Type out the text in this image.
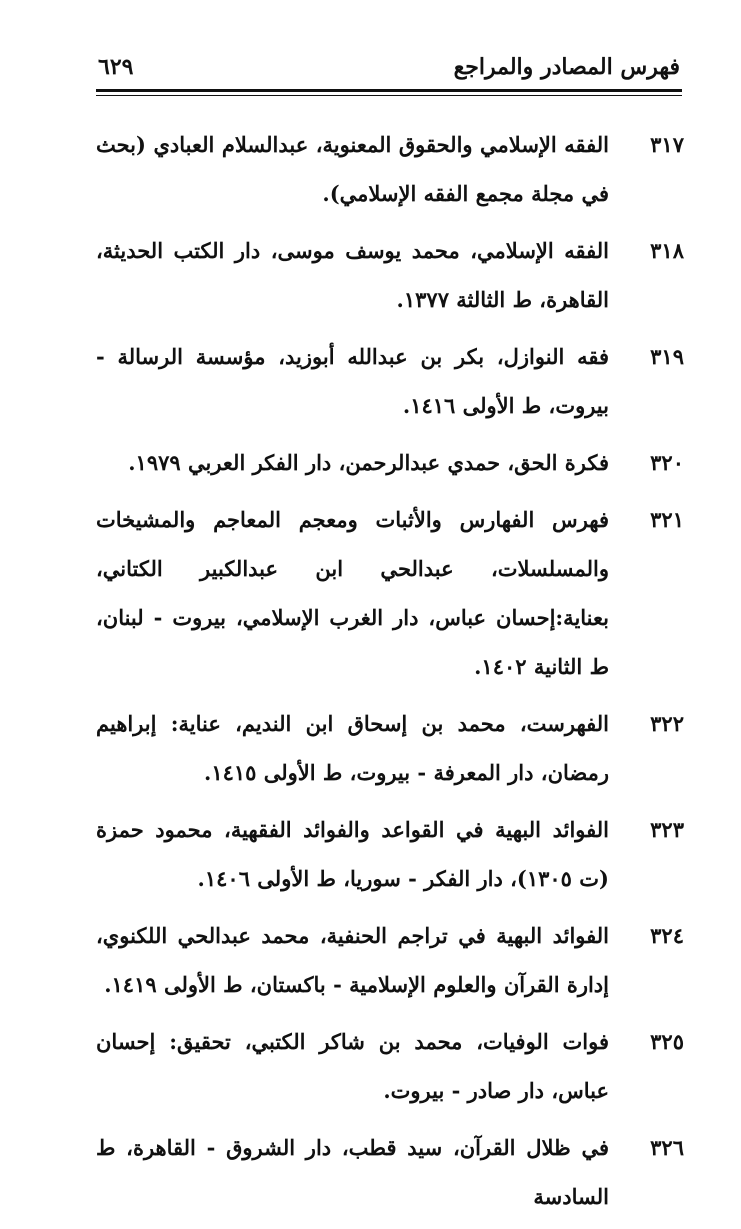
فهرس المصادر والمراجع
٦٢٩
٣١٧
الفقه الإسلامي والحقوق المعنوية، عبدالسلام العبادي (بحث في مجلة مجمع الفقه الإسلامي).
٣١٨
الفقه الإسلامي، محمد يوسف موسى، دار الكتب الحديثة، القاهرة، ط الثالثة ١٣٧٧.
٣١٩
فقه النوازل، بكر بن عبدالله أبوزيد، مؤسسة الرسالة - بيروت، ط الأولى ١٤١٦.
٣٢٠
فكرة الحق، حمدي عبدالرحمن، دار الفكر العربي ١٩٧٩.
٣٢١
فهرس الفهارس والأثبات ومعجم المعاجم والمشيخات والمسلسلات، عبدالحي ابن عبدالكبير الكتاني، بعناية:إحسان عباس، دار الغرب الإسلامي، بيروت - لبنان، ط الثانية ١٤٠٢.
٣٢٢
الفهرست، محمد بن إسحاق ابن النديم، عناية: إبراهيم رمضان، دار المعرفة - بيروت، ط الأولى ١٤١٥.
٣٢٣
الفوائد البهية في القواعد والفوائد الفقهية، محمود حمزة (ت ١٣٠٥)، دار الفكر - سوريا، ط الأولى ١٤٠٦.
٣٢٤
الفوائد البهية في تراجم الحنفية، محمد عبدالحي اللكنوي، إدارة القرآن والعلوم الإسلامية - باكستان، ط الأولى ١٤١٩.
٣٢٥
فوات الوفيات، محمد بن شاكر الكتبي، تحقيق: إحسان عباس، دار صادر - بيروت.
٣٢٦
في ظلال القرآن، سيد قطب، دار الشروق - القاهرة، ط السادسة
